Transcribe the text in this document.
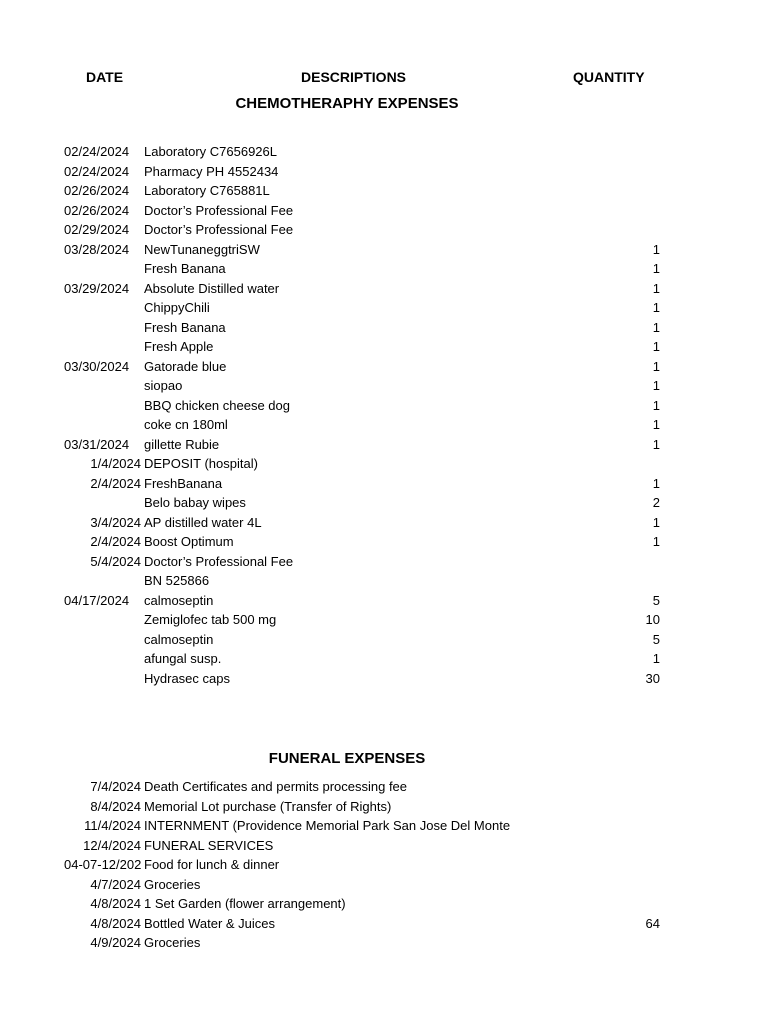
DATE	DESCRIPTIONS	QUANTITY
CHEMOTHERAPHY EXPENSES
02/24/2024 Laboratory C7656926L
02/24/2024 Pharmacy PH 4552434
02/26/2024 Laboratory C765881L
02/26/2024 Doctor’s Professional Fee
02/29/2024 Doctor’s Professional Fee
03/28/2024 NewTunaneggtriSW	1
Fresh Banana	1
03/29/2024 Absolute Distilled water	1
ChippyChili	1
Fresh Banana	1
Fresh Apple	1
03/30/2024 Gatorade blue	1
siopao	1
BBQ chicken cheese dog	1
coke cn 180ml	1
03/31/2024 gillette Rubie	1
1/4/2024 DEPOSIT (hospital)
2/4/2024 FreshBanana	1
Belo babay wipes	2
3/4/2024 AP distilled water 4L	1
2/4/2024 Boost Optimum	1
5/4/2024 Doctor’s Professional Fee
BN 525866
04/17/2024 calmoseptin	5
Zemiglofec tab 500 mg	10
calmoseptin	5
afungal susp.	1
Hydrasec caps	30
FUNERAL EXPENSES
7/4/2024 Death Certificates and permits processing fee
8/4/2024 Memorial Lot purchase (Transfer of Rights)
11/4/2024 INTERNMENT (Providence Memorial Park San Jose Del Monte
12/4/2024 FUNERAL SERVICES
04-07-12/202 Food for lunch & dinner
4/7/2024 Groceries
4/8/2024 1 Set Garden (flower arrangement)
4/8/2024 Bottled Water & Juices	64
4/9/2024 Groceries
